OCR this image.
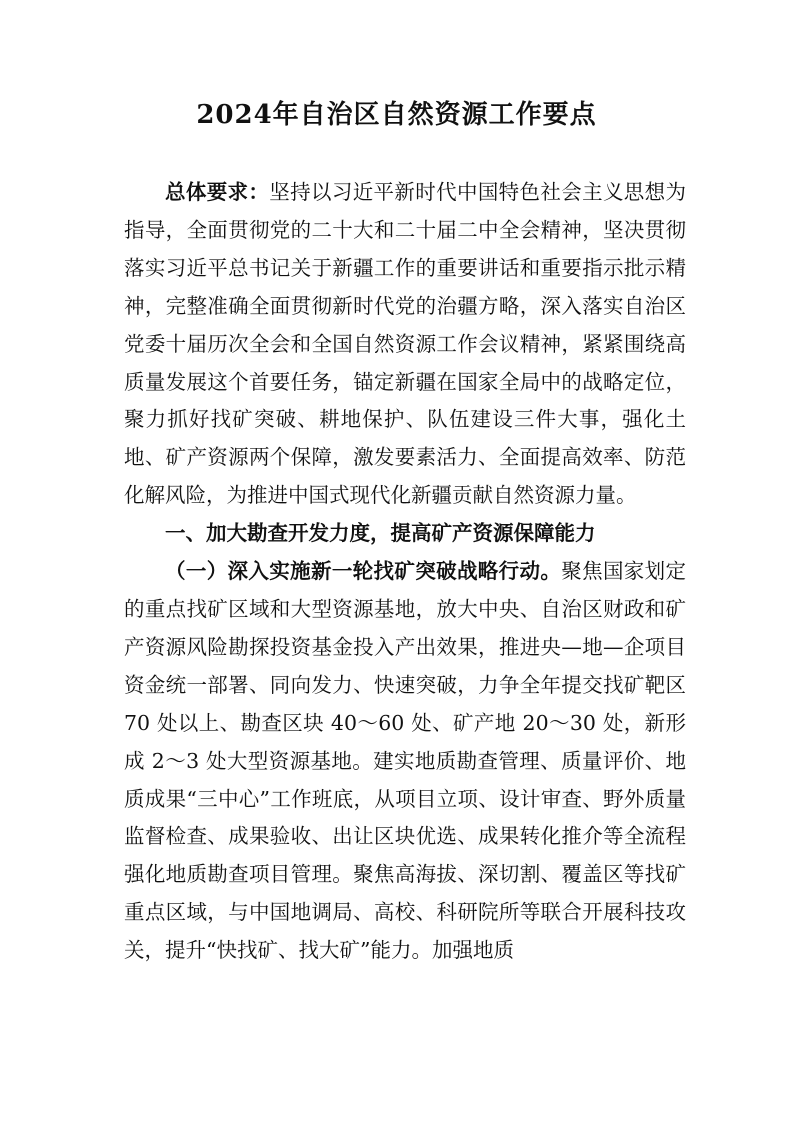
2024年自治区自然资源工作要点

总体要求：坚持以习近平新时代中国特色社会主义思想为指导，全面贯彻党的二十大和二十届二中全会精神，坚决贯彻落实习近平总书记关于新疆工作的重要讲话和重要指示批示精神，完整准确全面贯彻新时代党的治疆方略，深入落实自治区党委十届历次全会和全国自然资源工作会议精神，紧紧围绕高质量发展这个首要任务，锚定新疆在国家全局中的战略定位，聚力抓好找矿突破、耕地保护、队伍建设三件大事，强化土地、矿产资源两个保障，激发要素活力、全面提高效率、防范化解风险，为推进中国式现代化新疆贡献自然资源力量。

一、加大勘查开发力度，提高矿产资源保障能力

（一）深入实施新一轮找矿突破战略行动。聚焦国家划定的重点找矿区域和大型资源基地，放大中央、自治区财政和矿产资源风险勘探投资基金投入产出效果，推进央—地—企项目资金统一部署、同向发力、快速突破，力争全年提交找矿靶区 70 处以上、勘查区块 40～60 处、矿产地 20～30 处，新形成 2～3 处大型资源基地。建实地质勘查管理、质量评价、地质成果“三中心”工作班底，从项目立项、设计审查、野外质量监督检查、成果验收、出让区块优选、成果转化推介等全流程强化地质勘查项目管理。聚焦高海拔、深切割、覆盖区等找矿重点区域，与中国地调局、高校、科研院所等联合开展科技攻关，提升“快找矿、找大矿”能力。加强地质
